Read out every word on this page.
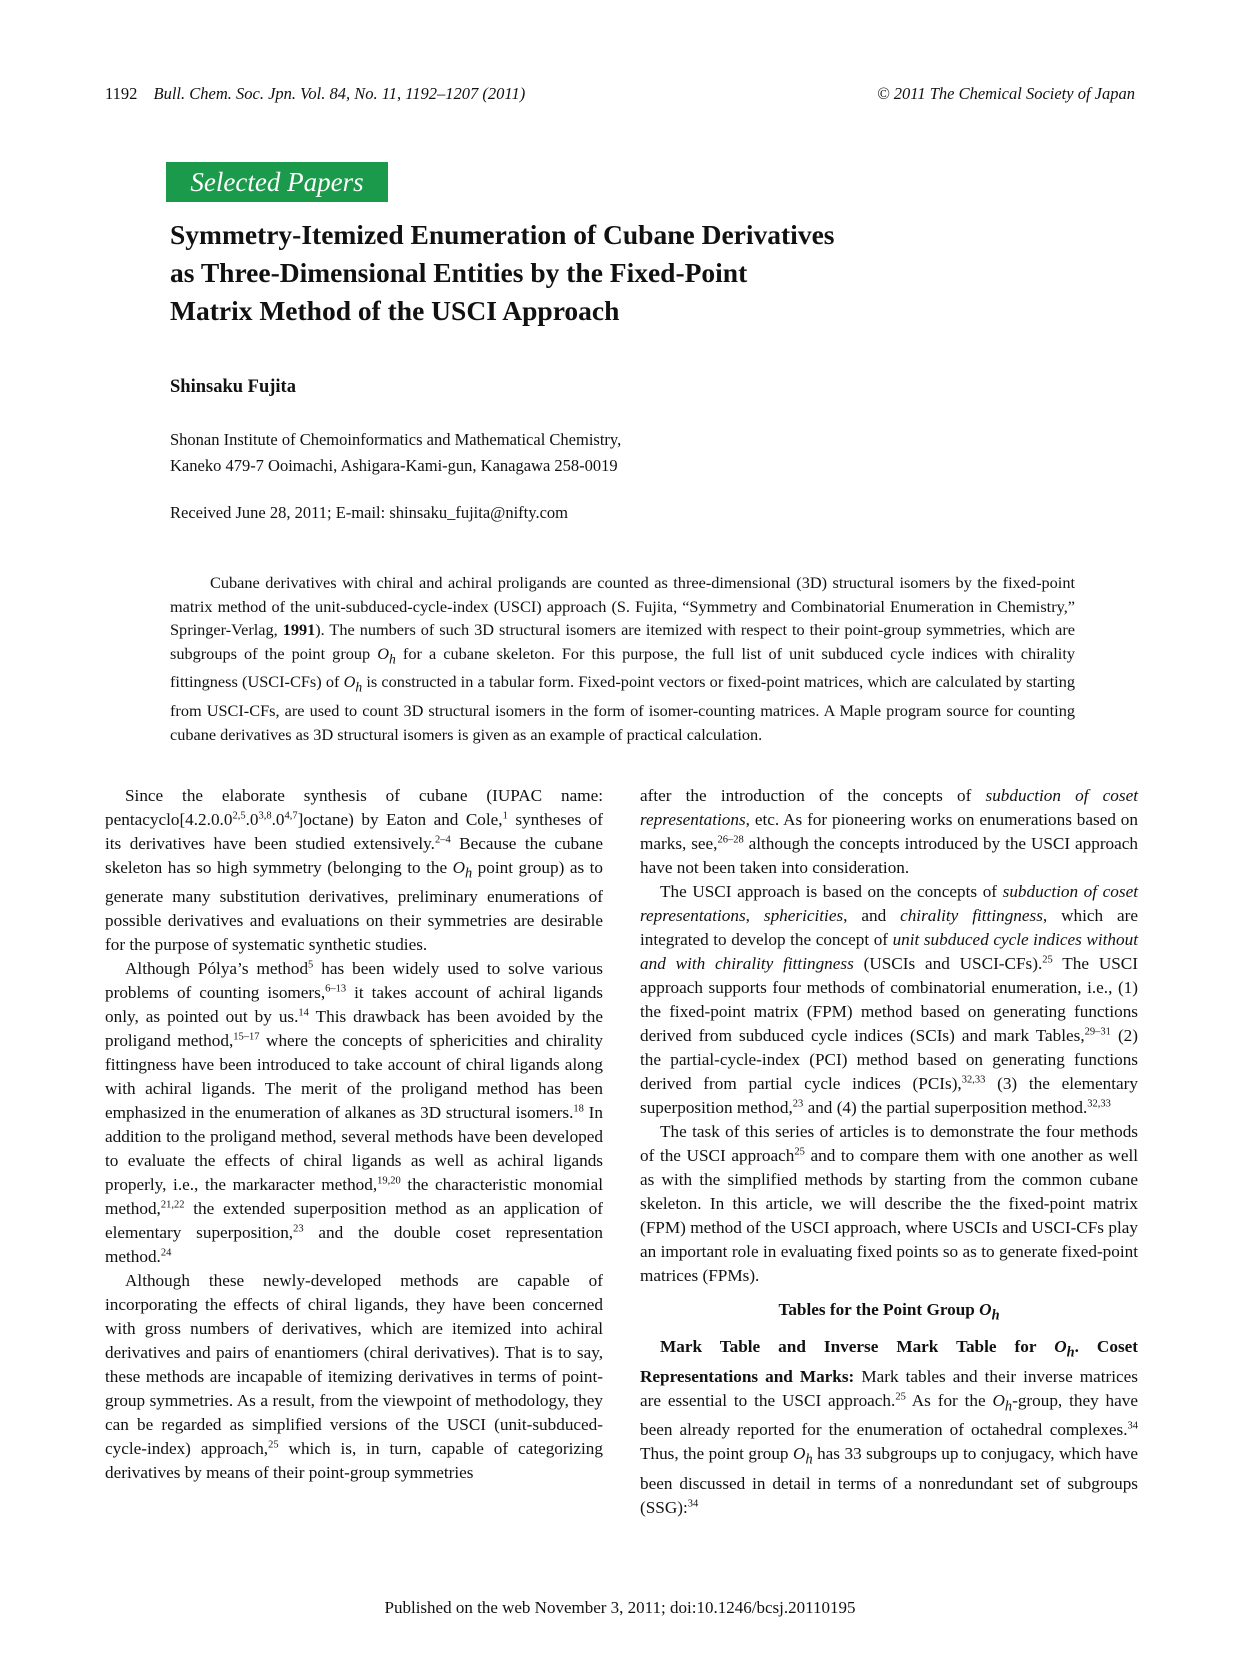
1192 Bull. Chem. Soc. Jpn. Vol. 84, No. 11, 1192–1207 (2011)	© 2011 The Chemical Society of Japan
Selected Papers
Symmetry-Itemized Enumeration of Cubane Derivatives
as Three-Dimensional Entities by the Fixed-Point
Matrix Method of the USCI Approach
Shinsaku Fujita
Shonan Institute of Chemoinformatics and Mathematical Chemistry,
Kaneko 479-7 Ooimachi, Ashigara-Kami-gun, Kanagawa 258-0019
Received June 28, 2011; E-mail: shinsaku_fujita@nifty.com

Cubane derivatives with chiral and achiral proligands are counted as three-dimensional (3D) structural isomers by the fixed-point matrix method of the unit-subduced-cycle-index (USCI) approach (S. Fujita, “Symmetry and Combinatorial Enumeration in Chemistry,” Springer-Verlag, 1991). The numbers of such 3D structural isomers are itemized with respect to their point-group symmetries, which are subgroups of the point group $O_h$ for a cubane skeleton. For this purpose, the full list of unit subduced cycle indices with chirality fittingness (USCI-CFs) of $O_h$ is constructed in a tabular form. Fixed-point vectors or fixed-point matrices, which are calculated by starting from USCI-CFs, are used to count 3D structural isomers in the form of isomer-counting matrices. A Maple program source for counting cubane derivatives as 3D structural isomers is given as an example of practical calculation.

Since the elaborate synthesis of cubane (IUPAC name: pentacyclo[4.2.0.0$^{2,5}$.0$^{3,8}$.0$^{4,7}$]octane) by Eaton and Cole,$^1$ syntheses of its derivatives have been studied extensively.$^{2-4}$ Because the cubane skeleton has so high symmetry (belonging to the $O_h$ point group) as to generate many substitution derivatives, preliminary enumerations of possible derivatives and evaluations on their symmetries are desirable for the purpose of systematic synthetic studies.

Although Pólya’s method$^5$ has been widely used to solve various problems of counting isomers,$^{6-13}$ it takes account of achiral ligands only, as pointed out by us.$^{14}$ This drawback has been avoided by the proligand method,$^{15-17}$ where the concepts of sphericities and chirality fittingness have been introduced to take account of chiral ligands along with achiral ligands. The merit of the proligand method has been emphasized in the enumeration of alkanes as 3D structural isomers.$^{18}$ In addition to the proligand method, several methods have been developed to evaluate the effects of chiral ligands as well as achiral ligands properly, i.e., the markaracter method,$^{19,20}$ the characteristic monomial method,$^{21,22}$ the extended superposition method as an application of elementary superposition,$^{23}$ and the double coset representation method.$^{24}$

Although these newly-developed methods are capable of incorporating the effects of chiral ligands, they have been concerned with gross numbers of derivatives, which are itemized into achiral derivatives and pairs of enantiomers (chiral derivatives). That is to say, these methods are incapable of itemizing derivatives in terms of point-group symmetries. As a result, from the viewpoint of methodology, they can be regarded as simplified versions of the USCI (unit-subduced-cycle-index) approach,$^{25}$ which is, in turn, capable of categorizing derivatives by means of their point-group symmetries

after the introduction of the concepts of subduction of coset representations, etc. As for pioneering works on enumerations based on marks, see,$^{26-28}$ although the concepts introduced by the USCI approach have not been taken into consideration.

The USCI approach is based on the concepts of subduction of coset representations, sphericities, and chirality fittingness, which are integrated to develop the concept of unit subduced cycle indices without and with chirality fittingness (USCIs and USCI-CFs).$^{25}$ The USCI approach supports four methods of combinatorial enumeration, i.e., (1) the fixed-point matrix (FPM) method based on generating functions derived from subduced cycle indices (SCIs) and mark Tables,$^{29-31}$ (2) the partial-cycle-index (PCI) method based on generating functions derived from partial cycle indices (PCIs),$^{32,33}$ (3) the elementary superposition method,$^{23}$ and (4) the partial superposition method.$^{32,33}$

The task of this series of articles is to demonstrate the four methods of the USCI approach$^{25}$ and to compare them with one another as well as with the simplified methods by starting from the common cubane skeleton. In this article, we will describe the the fixed-point matrix (FPM) method of the USCI approach, where USCIs and USCI-CFs play an important role in evaluating fixed points so as to generate fixed-point matrices (FPMs).

Tables for the Point Group $O_h$

Mark Table and Inverse Mark Table for $O_h$. Coset Representations and Marks: Mark tables and their inverse matrices are essential to the USCI approach.$^{25}$ As for the $O_h$-group, they have been already reported for the enumeration of octahedral complexes.$^{34}$ Thus, the point group $O_h$ has 33 subgroups up to conjugacy, which have been discussed in detail in terms of a nonredundant set of subgroups (SSG):$^{34}$

Published on the web November 3, 2011; doi:10.1246/bcsj.20110195
